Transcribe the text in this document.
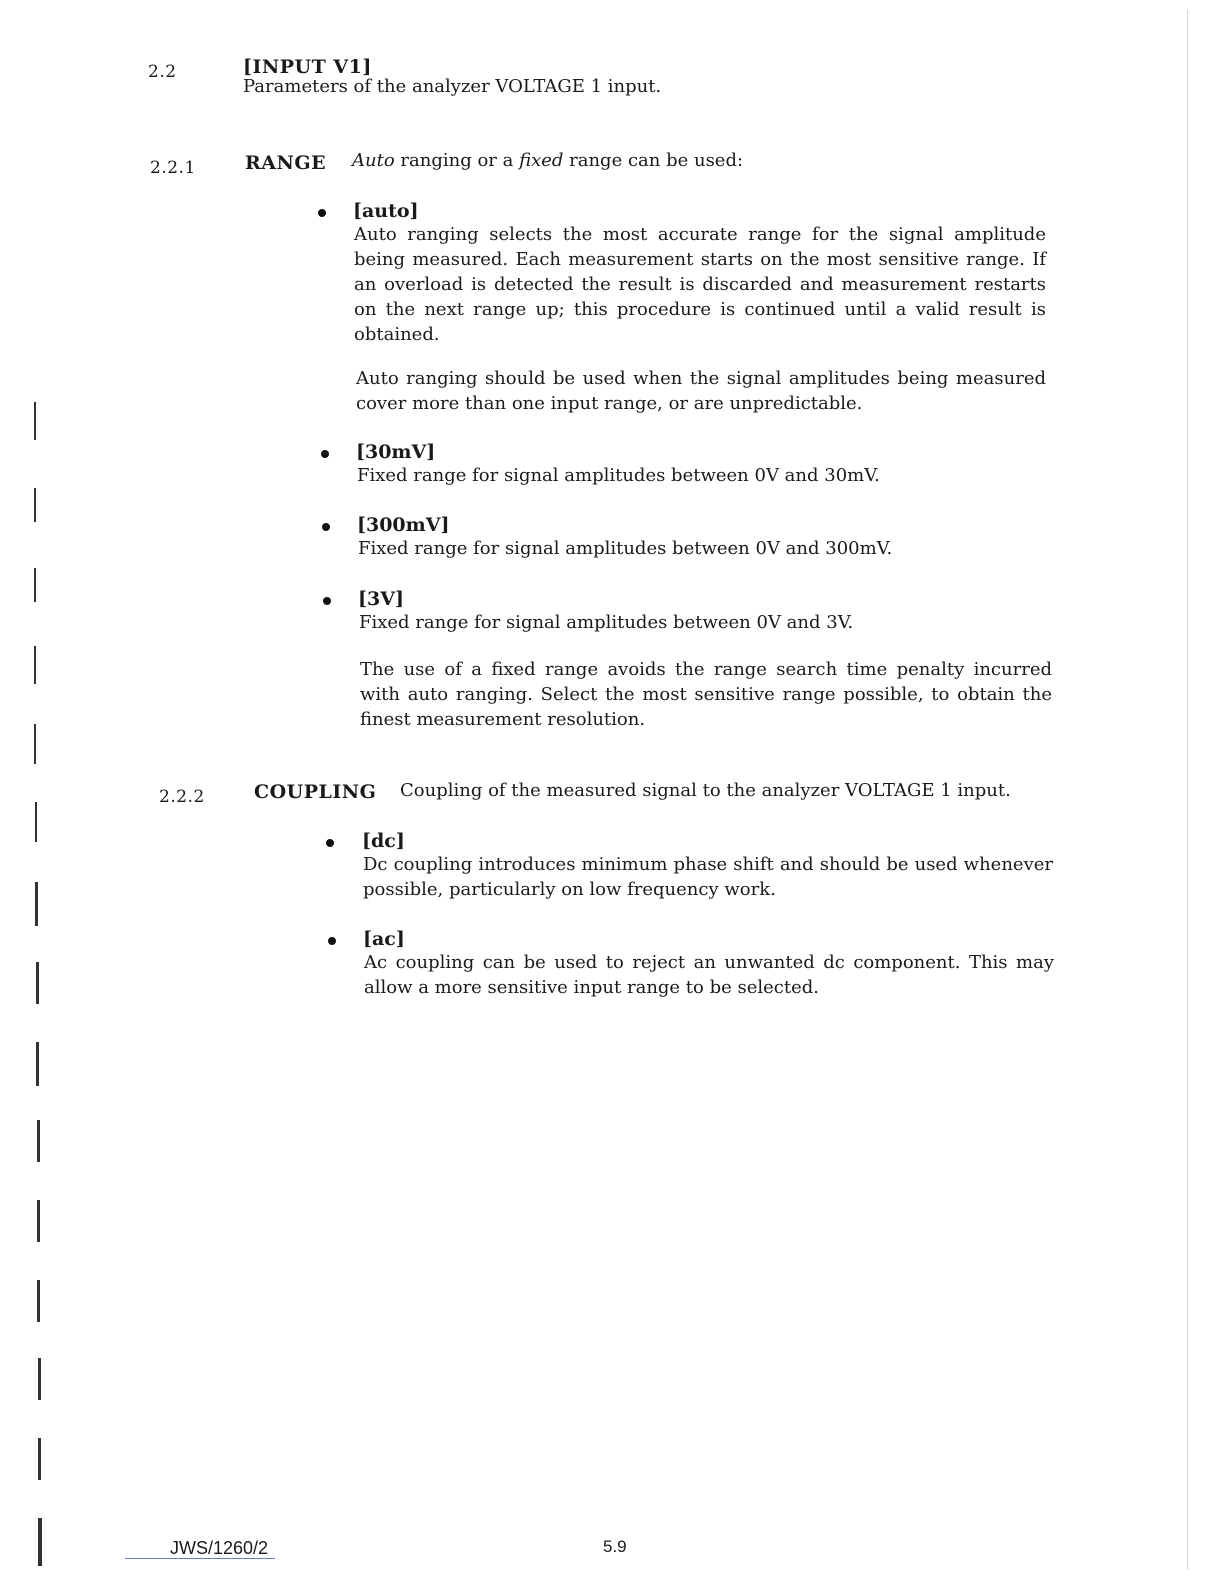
2.2	[INPUT V1]
Parameters of the analyzer VOLTAGE 1 input.
2.2.1	RANGE Auto ranging or a fixed range can be used:
[auto]

Auto ranging selects the most accurate range for the signal amplitude being measured. Each measurement starts on the most sensitive range. If an overload is detected the result is discarded and measurement restarts on the next range up; this procedure is continued until a valid result is obtained.

Auto ranging should be used when the signal amplitudes being measured cover more than one input range, or are unpredictable.

[30mV]

Fixed range for signal amplitudes between 0V and 30mV.

[300mV]

Fixed range for signal amplitudes between 0V and 300mV.

[3V]

Fixed range for signal amplitudes between 0V and 3V.

The use of a fixed range avoids the range search time penalty incurred with auto ranging. Select the most sensitive range possible, to obtain the finest measurement resolution.

2.2.2	COUPLING Coupling of the measured signal to the analyzer VOLTAGE 1 input.
[dc]

Dc coupling introduces minimum phase shift and should be used whenever possible, particularly on low frequency work.

[ac]

Ac coupling can be used to reject an unwanted dc component. This may allow a more sensitive input range to be selected.

JWS/1260/2	5.9
